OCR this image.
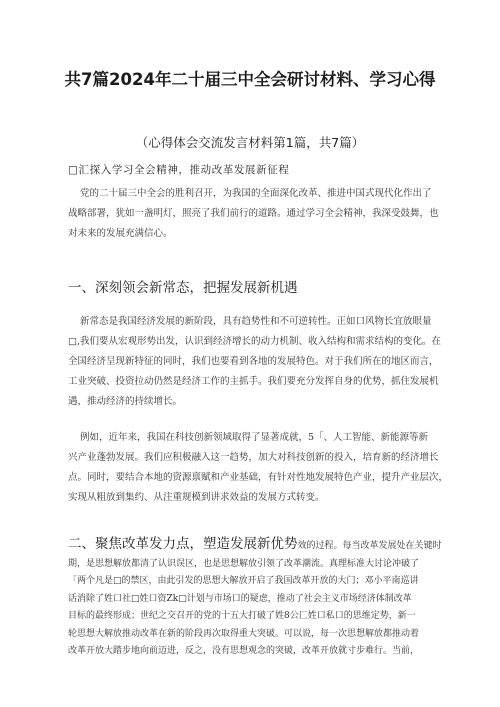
共7篇2024年二十届三中全会研讨材料、学习心得
（心得体会交流发言材料第1篇，共7篇）
□汇探入学习全会精神，推动改革发展新征程
党的二十届三中全会的胜利召开，为我国的全面深化改革、推进中国式现代化作出了
战略部署，犹如一盏明灯，照亮了我们前行的道路。通过学习全会精神，我深受鼓舞，也
对未来的发展充满信心。
一、深刻领会新常态，把握发展新机遇
新常态是我国经济发展的新阶段，具有趋势性和不可逆转性。正如口风物长宜放眼量
□,我们要从宏观形势出发，认识到经济增长的动力机制、收入结构和需求结构的变化。在
全国经济呈现新特征的同时，我们也要看到各地的发展特色。对于我们所在的地区而言，
工业突破、投资拉动仍然是经济工作的主抓手。我们要充分发挥自身的优势，抓住发展机
遇，推动经济的持续增长。
例如，近年来，我国在科技创新领域取得了显著成就，5「、人工智能、新能源等新
兴产业蓬勃发展。我们应积极融入这一趋势，加大对科技创新的投入，培育新的经济增长
点。同时，要结合本地的资源禀赋和产业基础，有针对性地发展特色产业，提升产业层次，
实现从粗放到集约、从注重规模到讲求效益的发展方式转变。
二、聚焦改革发力点，塑造发展新优势效的过程。每当改革发展处在关键时
期，是思想解放都清了认识误区，也是思想解放引领了改革潮流。真理标准大讨论冲破了
「两个凡是□的禁区，由此引发的思想大解放开启了我国改革开放的大门；邓小平南巡讲
话消除了姓口社□姓口资Zk□计划与市场口的疑虑，推动了社会主义市场经济体制改革
目标的最终形成；世纪之交召开的党的十五大打破了姓8公匚姓口私口的思维定势，新一
轮思想大解放推动改革在新的阶段再次取得重大突破。可以说，每一次思想解放都推动着
改革开放大踏步地向前迈进，反之，没有思想观念的突破，改革开放就寸步难行。当前，
